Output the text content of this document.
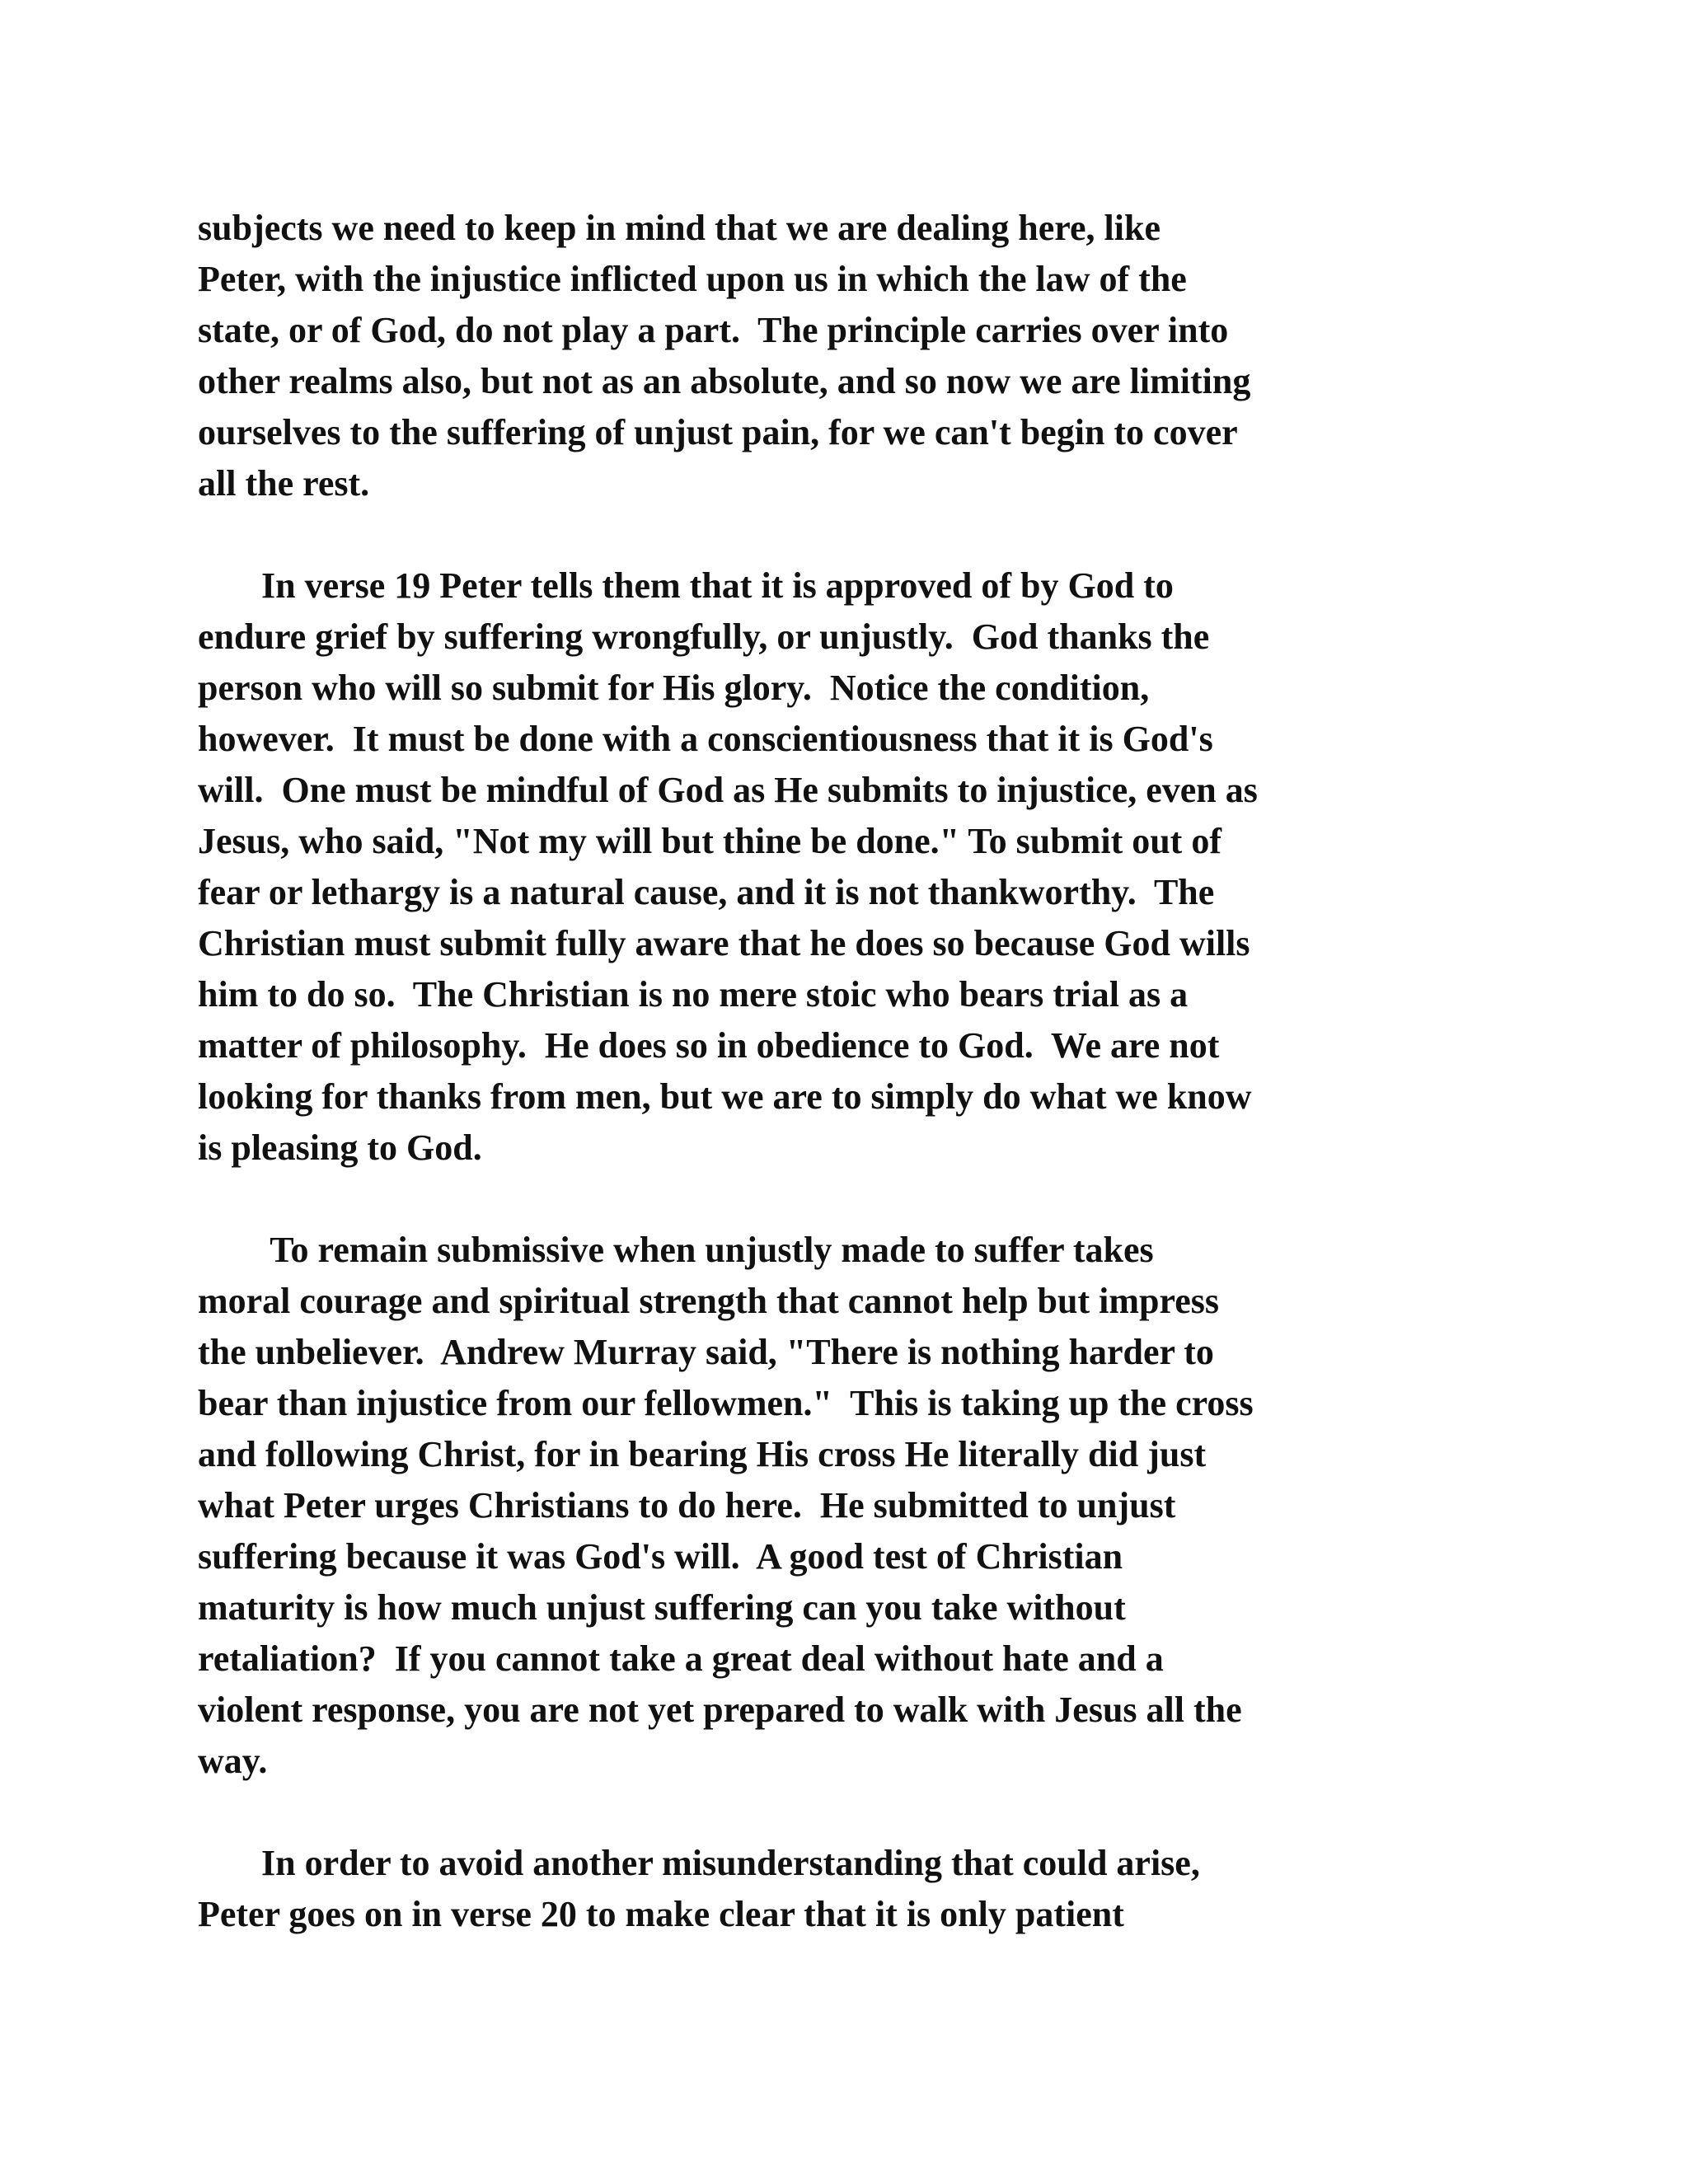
subjects we need to keep in mind that we are dealing here, like
Peter, with the injustice inflicted upon us in which the law of the
state, or of God, do not play a part.  The principle carries over into
other realms also, but not as an absolute, and so now we are limiting
ourselves to the suffering of unjust pain, for we can't begin to cover
all the rest.
In verse 19 Peter tells them that it is approved of by God to
endure grief by suffering wrongfully, or unjustly.  God thanks the
person who will so submit for His glory.  Notice the condition,
however.  It must be done with a conscientiousness that it is God's
will.  One must be mindful of God as He submits to injustice, even as
Jesus, who said, "Not my will but thine be done." To submit out of
fear or lethargy is a natural cause, and it is not thankworthy.  The
Christian must submit fully aware that he does so because God wills
him to do so.  The Christian is no mere stoic who bears trial as a
matter of philosophy.  He does so in obedience to God.  We are not
looking for thanks from men, but we are to simply do what we know
is pleasing to God.
To remain submissive when unjustly made to suffer takes
moral courage and spiritual strength that cannot help but impress
the unbeliever.  Andrew Murray said, "There is nothing harder to
bear than injustice from our fellowmen."  This is taking up the cross
and following Christ, for in bearing His cross He literally did just
what Peter urges Christians to do here.  He submitted to unjust
suffering because it was God's will.  A good test of Christian
maturity is how much unjust suffering can you take without
retaliation?  If you cannot take a great deal without hate and a
violent response, you are not yet prepared to walk with Jesus all the
way.
In order to avoid another misunderstanding that could arise,
Peter goes on in verse 20 to make clear that it is only patient
